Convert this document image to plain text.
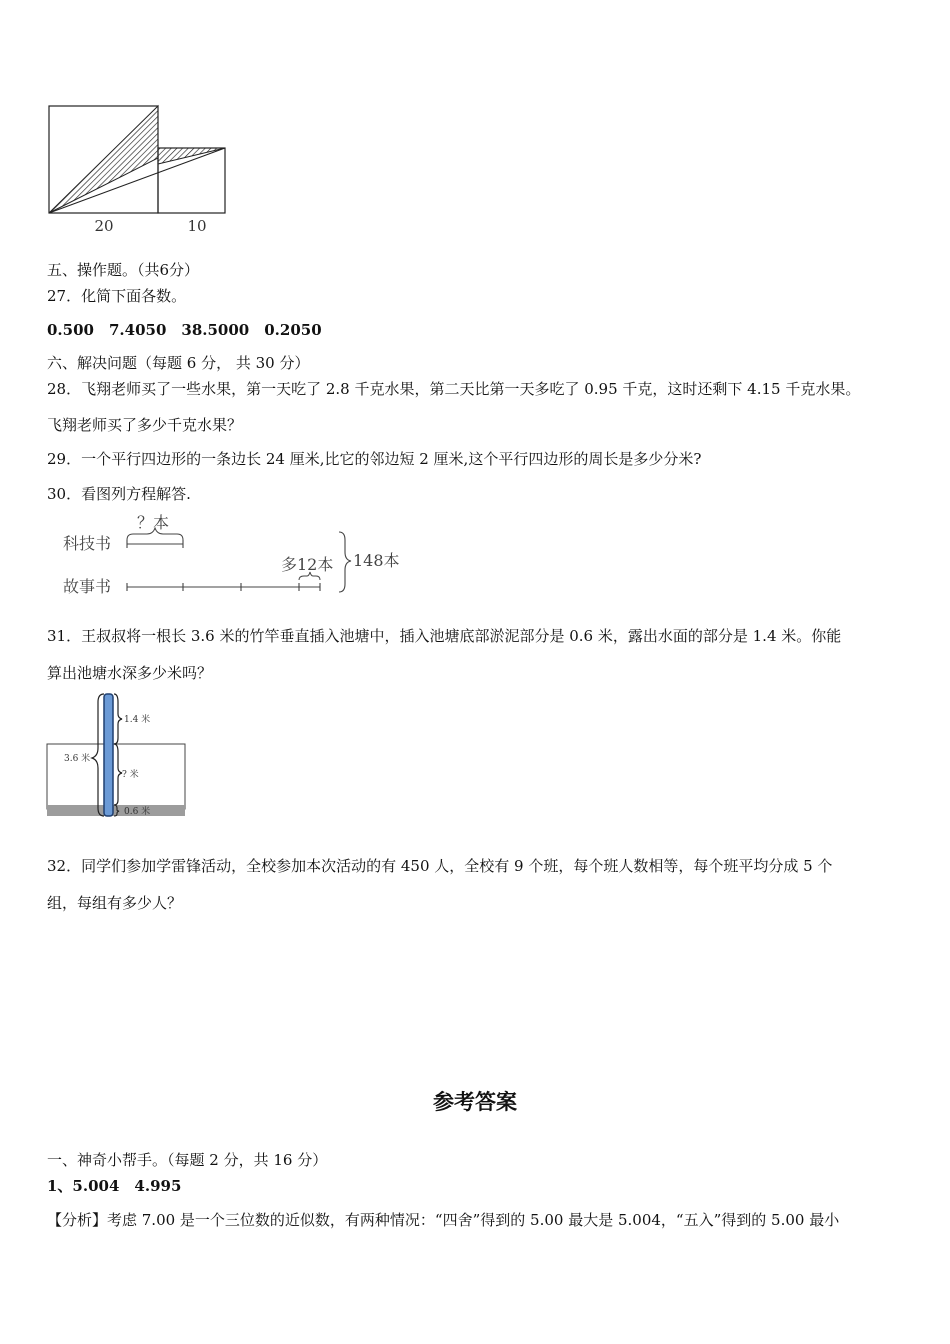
20	10
五、操作题。（共6分）
27．化简下面各数。
0.500　7.4050　38.5000　0.2050
六、解决问题（每题 6 分， 共 30 分）
28．飞翔老师买了一些水果，第一天吃了 2.8 千克水果，第二天比第一天多吃了 0.95 千克，这时还剩下 4.15 千克水果。
飞翔老师买了多少千克水果？
29．一个平行四边形的一条边长 24 厘米,比它的邻边短 2 厘米,这个平行四边形的周长是多少分米?
30．看图列方程解答.
科技书
故事书
？本
多12本 148本
31．王叔叔将一根长 3.6 米的竹竿垂直插入池塘中，插入池塘底部淤泥部分是 0.6 米，露出水面的部分是 1.4 米。你能
算出池塘水深多少米吗？
3.6 米
1.4 米
? 米
0.6 米
32．同学们参加学雷锋活动，全校参加本次活动的有 450 人，全校有 9 个班，每个班人数相等，每个班平均分成 5 个
组，每组有多少人？
参考答案
一、神奇小帮手。（每题 2 分，共 16 分）
1、5.004　4.995
【分析】考虑 7.00 是一个三位数的近似数，有两种情况：“四舍”得到的 5.00 最大是 5.004，“五入”得到的 5.00 最小
